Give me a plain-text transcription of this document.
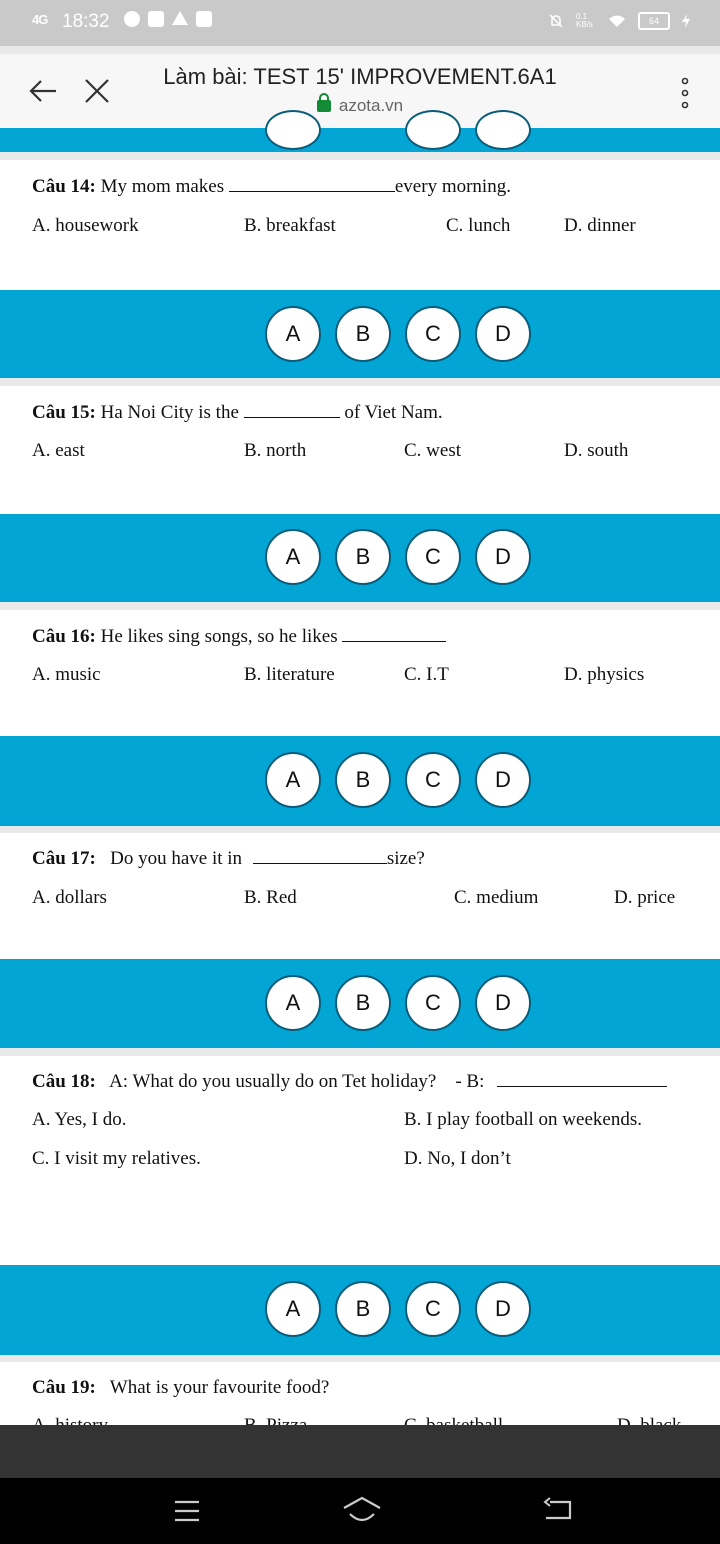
4G 18:32	0.1 KB/s	64
Làm bài: TEST 15' IMPROVEMENT.6A1
azota.vn
Câu 14: My mom makes	every morning.
A. housework	B. breakfast	C. lunch	D. dinner
A	B	C	D
Câu 15: Ha Noi City is the	of Viet Nam.
A. east	B. north	C. west	D. south
A	B	C	D
Câu 16: He likes sing songs, so he likes
A. music	B. literature	C. I.T	D. physics
A	B	C	D
Câu 17: Do you have it in	size?
A. dollars	B. Red	C. medium	D. price
A	B	C	D
Câu 18: A: What do you usually do on Tet holiday? - B:
A. Yes, I do.	B. I play football on weekends.
C. I visit my relatives.	D. No, I don’t
A	B	C	D
Câu 19: What is your favourite food?
